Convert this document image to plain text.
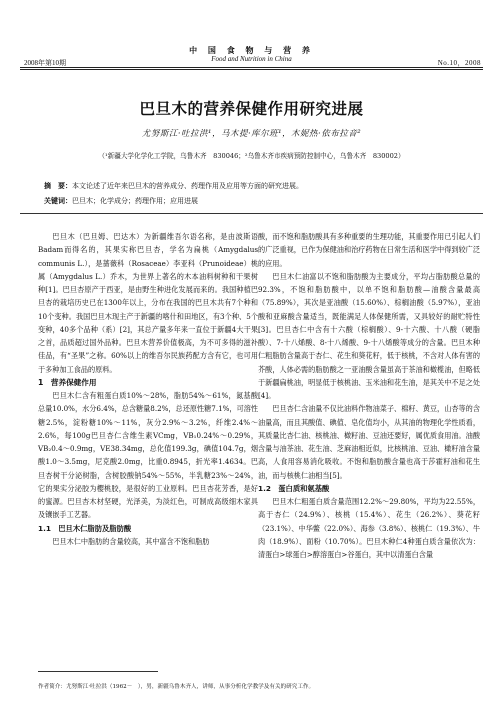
中 国 食 物 与 营 养
Food and Nutrition in China
2008年第10期	No.10，2008
巴旦木的营养保健作用研究进展
尤努斯江·吐拉洪¹，马木提·库尔班¹，木妮热·依布拉音²
（¹新疆大学化学化工学院，乌鲁木齐　830046；²乌鲁木齐市疾病预防控制中心，乌鲁木齐　830002）
摘　要：本文论述了近年来巴旦木的营养成分、药理作用及应用等方面的研究进展。
关键词：巴旦木；化学成分；药理作用；应用进展

巴旦木（巴旦姆、巴达木）为新疆维吾尔语名称，是由波斯语Badam而得名的，其果实称巴旦杏，学名为扁桃（Amygdalus communis L.），是蔷薇科（Rosaceae）李亚科（Prunoideae）桃属（Amygdalus L.）乔木，为世界上著名的木本油料树种和干果树种[1]。巴旦杏原产于西亚，是由野生种进化发展而来的。我国种植巴旦杏的栽培历史已在1300年以上，分布在我国的巴旦木共有7个种和10个变种。我国巴旦木现主产于新疆的喀什和田地区，有3个种、5个变种，40多个品种（系）[2]，其总产量多年来一直位于新疆4大干果之首，品质超过国外品种。巴旦木营养价值极高，为不可多得的滋补佳品，有“圣果”之称。60%以上的维吾尔民族药配方含有它，也可用于多种加工食品的原料。

1　营养保健作用

巴旦木仁含有粗蛋白质10%～28%，脂肪54%～61%，氮基酸总量10.0%，水分6.4%，总含糖量8.2%，总还原性糖7.1%，可溶性糖2.5%，淀粉糖10%～11%，灰分2.9%～3.2%，纤维2.4%～2.6%，每100g巴旦杏仁含维生素VCmg，VB₁0.24%～0.29%，VB₂0.4～0.9mg，VE38.34mg，总化值199.3g，碘值104.7g，烟酸1.0～3.5mg，尼克酸2.0mg，比重0.8945，折光率1.4634。巴旦杏树干分泌树脂，含树胶酸钠54%～55%，半乳糖23%～24%，它的果实分泌胶为樱桃胶，是很好的工业原料。巴旦杏花芳香，是好的蜜源。巴旦杏木材坚硬，光泽美，为淡红色，可制成高级细木家具及镶嵌手工艺器。

1.1　巴旦木仁脂肪及脂肪酸

巴旦木仁中脂肪的含量较高，其中富含不饱和脂肪

酸，而不饱和脂肪酸具有多种重要的生理功能，其重要作用已引起人们的广泛重视，已作为保健油和治疗药物在日常生活和医学中得到较广泛的应用。

巴旦木仁油富以不饱和脂肪酸为主要成分，平均占脂肪酸总量的92.3%，不饱和脂肪酸中，以单不饱和脂肪酸—油酸含量最高（75.89%），其次是亚油酸（15.60%）、棕榈油酸（5.97%），亚油酸和亚麻酸含量适当，既能满足人体保健所需，又具较好的耐贮特性[3]。巴旦杏仁中含有十六酸（棕榈酸）、9-十六酸、十八酸（硬脂酸）、7-十八烯酸、8-十八烯酸、9-十八烯酸等成分的含量。巴旦木种仁粗脂肪含量高于杏仁、花生和葵花籽，低于核桃，不含对人体有害的芥酸，人体必需的脂肪酸之一亚油酸含量虽高于茶油和橄榄油，但略低于新疆扁桃油，明显低于核桃油、玉米油和花生油，是其关中不足之处[4]。

巴旦杏仁含油量不仅比油料作物油菜子、棉籽、黄豆，山杏等的含油量高，而且其酸值、碘值、皂化值均小，从其油的物理化学性质看，其质量比杏仁油、核桃油、橄籽油、豆油还要好，属优质食用油。油酸含量与油茶油、花生油、芝麻油相近似，比核桃油、豆油、橄籽油含量高，人食用容易消化吸收。不饱和脂肪酸含量也高于莎霍籽油和花生油，而与核桃仁油相当[5]。

1.2　蛋白质和氨基酸

巴旦木仁粗蛋白质含量范围12.2%～29.80%，平均为22.55%，高于杏仁（24.9%）、核桃（15.4%）、花生（26.2%）、葵花籽（23.1%）、中华鳖（22.0%）、海参（3.8%）、核桃仁（19.3%）、牛肉（18.9%）、面粉（10.70%）。巴旦木种仁4种蛋白质含量依次为：清蛋白>球蛋白>醇溶蛋白>谷蛋白，其中以清蛋白含量

作者简介：尤努斯江·吐拉洪（1962－　），男，新疆乌鲁木齐人，讲师，从事分析化学教学及有关的研究工作。
